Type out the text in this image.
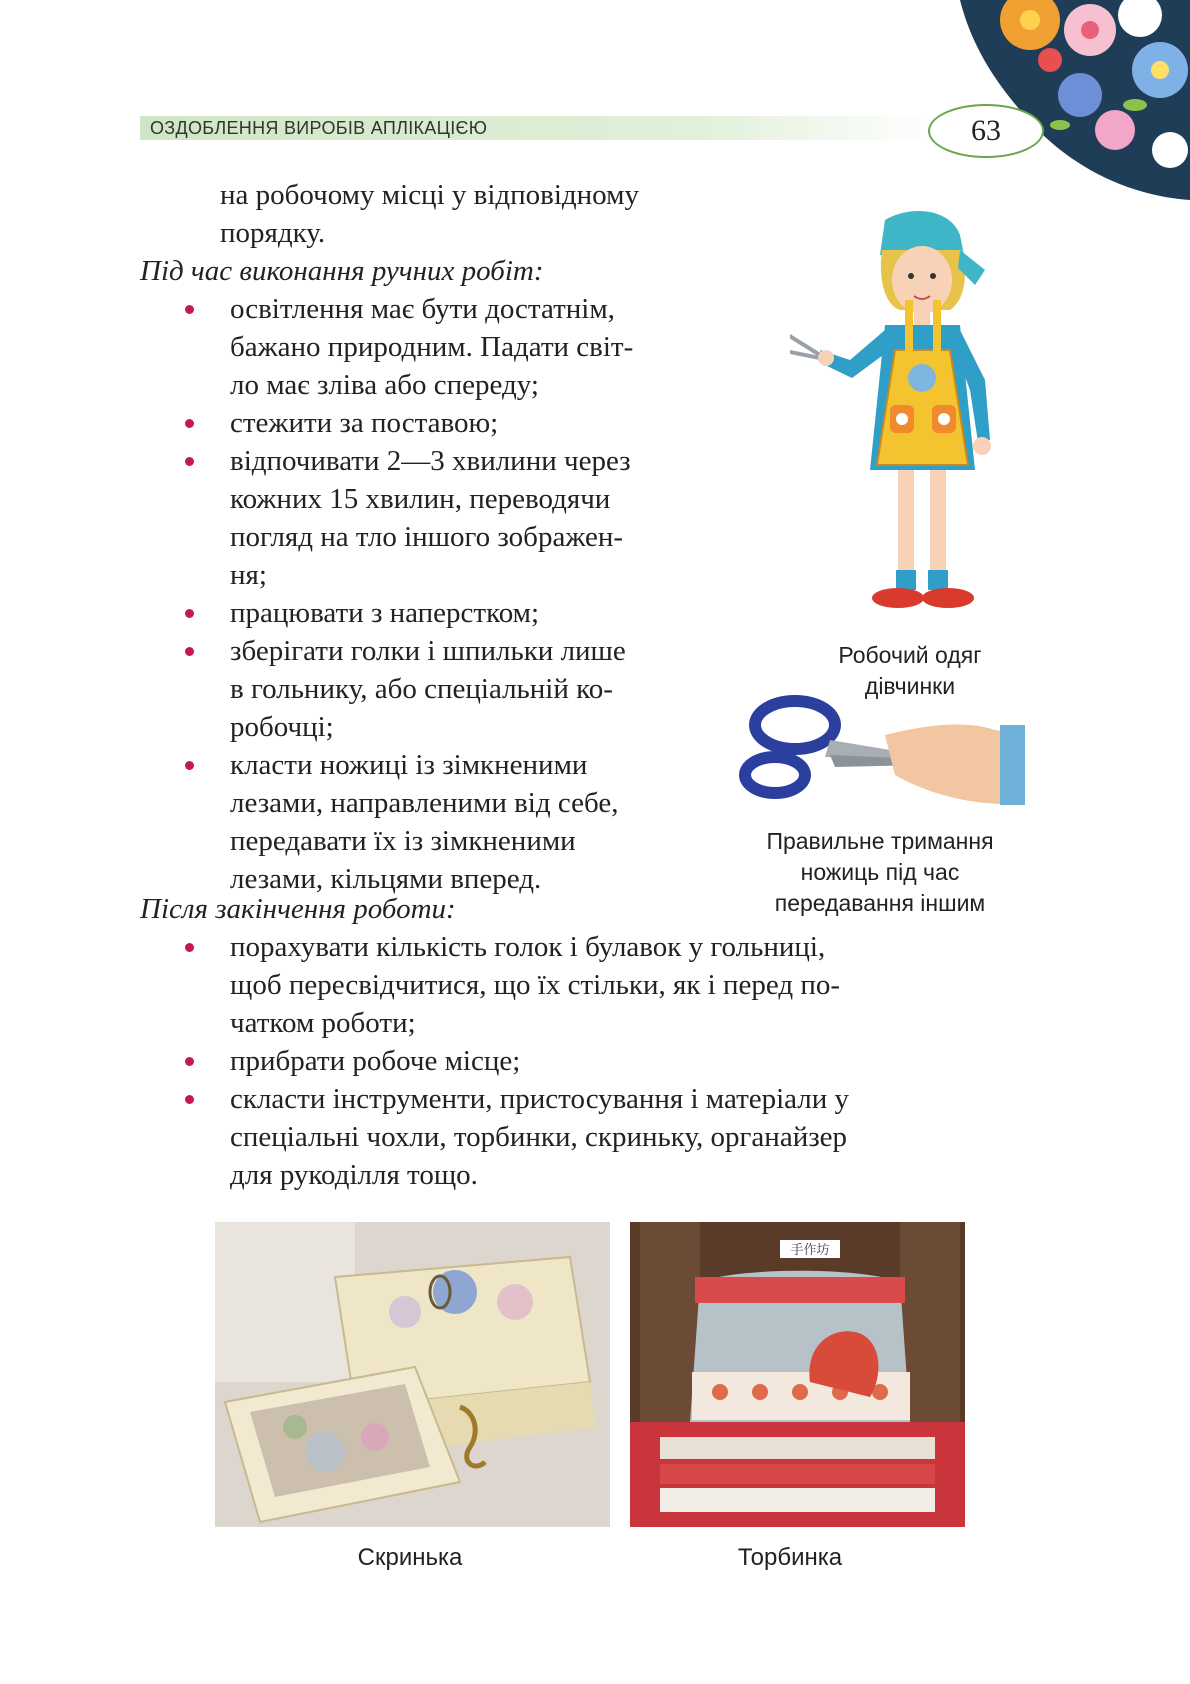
ОЗДОБЛЕННЯ ВИРОБІВ АПЛІКАЦІЄЮ	63

на робочому місці у відповідному

порядку.

Під час виконання ручних робіт:

освітлення має бути достатнім,
бажано природним. Падати світ-
ло має зліва або спереду;
стежити за поставою;
відпочивати 2—3 хвилини через
кожних 15 хвилин, переводячи
погляд на тло іншого зображен-
ня;
працювати з наперстком;
зберігати голки і шпильки лише
в гольнику, або спеціальній ко-
робочці;
класти ножиці із зімкненими
лезами, направленими від себе,
передавати їх із зімкненими
лезами, кільцями вперед.
Робочий одяг
дівчинки
Правильне тримання
ножиць під час
передавання іншим

Після закінчення роботи:

порахувати кількість голок і булавок у гольниці,
щоб пересвідчитися, що їх стільки, як і перед по-
чатком роботи;
прибрати робоче місце;
скласти інструменти, пристосування і матеріали у
спеціальні чохли, торбинки, скриньку, органайзер
для рукоділля тощо.
手作坊
Скринька	Торбинка
